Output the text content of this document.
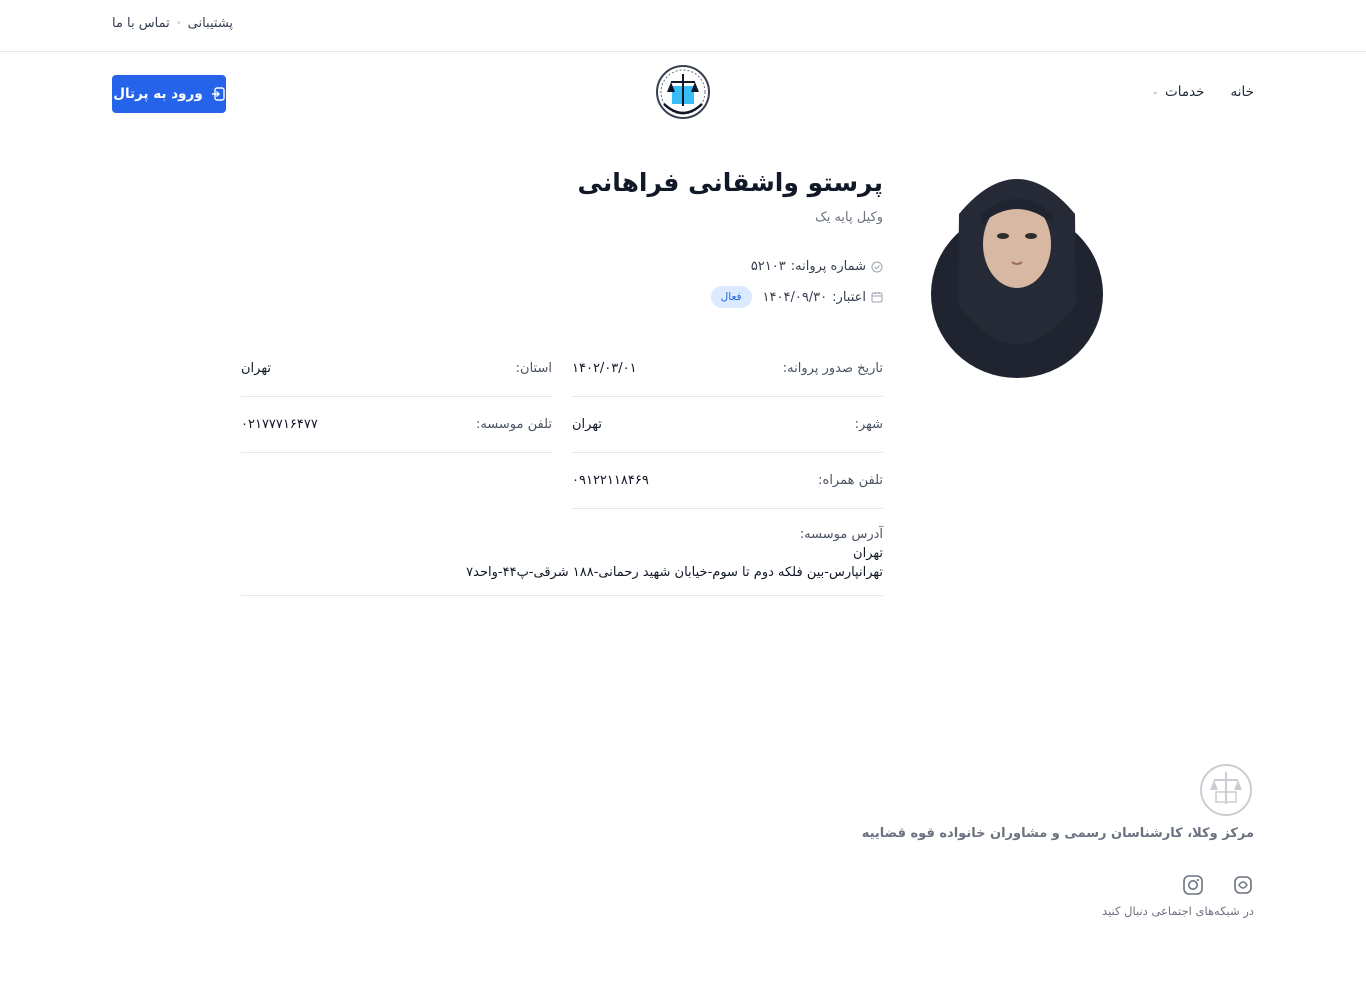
پشتیبانی
•
تماس با ما
خانه
خدمات
⌄
ورود به پرتال
پرستو واشقانی فراهانی
وکیل پایه یک
شماره پروانه:
۵۲۱۰۳
اعتبار:
۱۴۰۴/۰۹/۳۰
فعال
تاریخ صدور پروانه:
۱۴۰۲/۰۳/۰۱
استان:
تهران
شهر:
تهران
تلفن موسسه:
۰۲۱۷۷۷۱۶۴۷۷
تلفن همراه:
۰۹۱۲۲۱۱۸۴۶۹
آدرس موسسه:
تهران
تهرانپارس-بین فلکه دوم تا سوم-خیابان شهید رحمانی-۱۸۸ شرقی-پ۴۴-واحد۷
مرکز وکلا، کارشناسان رسمی و مشاوران خانواده قوه قضاییه
در شبکه‌های اجتماعی دنبال کنید
